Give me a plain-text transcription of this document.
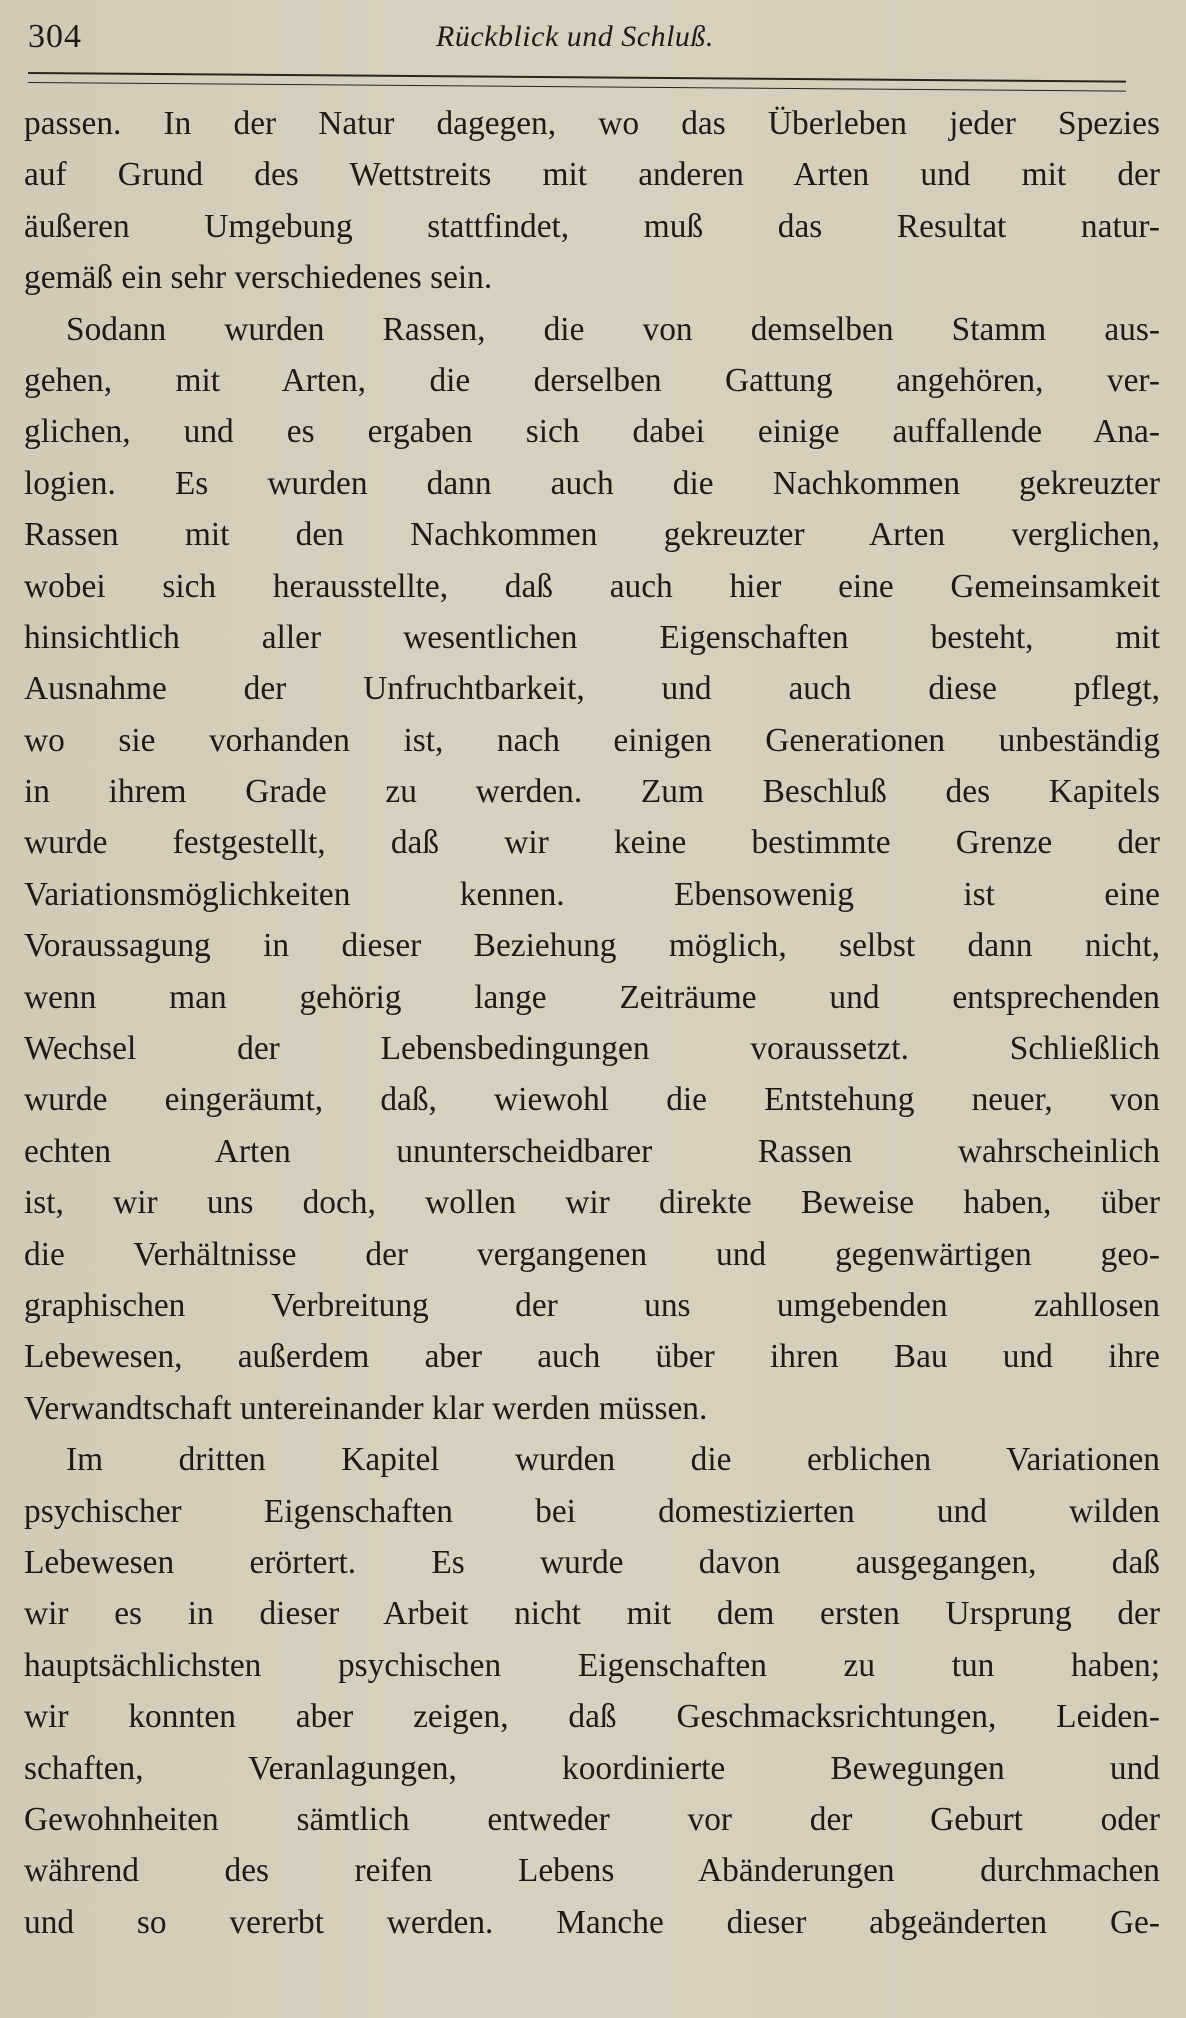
304	Rückblick und Schluß.
passen. In der Natur dagegen, wo das Überleben jeder Spezies
auf Grund des Wettstreits mit anderen Arten und mit der
äußeren Umgebung stattfindet, muß das Resultat natur-
gemäß ein sehr verschiedenes sein.
Sodann wurden Rassen, die von demselben Stamm aus-
gehen, mit Arten, die derselben Gattung angehören, ver-
glichen, und es ergaben sich dabei einige auffallende Ana-
logien. Es wurden dann auch die Nachkommen gekreuzter
Rassen mit den Nachkommen gekreuzter Arten verglichen,
wobei sich herausstellte, daß auch hier eine Gemeinsamkeit
hinsichtlich aller wesentlichen Eigenschaften besteht, mit
Ausnahme der Unfruchtbarkeit, und auch diese pflegt,
wo sie vorhanden ist, nach einigen Generationen unbeständig
in ihrem Grade zu werden. Zum Beschluß des Kapitels
wurde festgestellt, daß wir keine bestimmte Grenze der
Variationsmöglichkeiten kennen. Ebensowenig ist eine
Voraussagung in dieser Beziehung möglich, selbst dann nicht,
wenn man gehörig lange Zeiträume und entsprechenden
Wechsel der Lebensbedingungen voraussetzt. Schließlich
wurde eingeräumt, daß, wiewohl die Entstehung neuer, von
echten Arten ununterscheidbarer Rassen wahrscheinlich
ist, wir uns doch, wollen wir direkte Beweise haben, über
die Verhältnisse der vergangenen und gegenwärtigen geo-
graphischen Verbreitung der uns umgebenden zahllosen
Lebewesen, außerdem aber auch über ihren Bau und ihre
Verwandtschaft untereinander klar werden müssen.
Im dritten Kapitel wurden die erblichen Variationen
psychischer Eigenschaften bei domestizierten und wilden
Lebewesen erörtert. Es wurde davon ausgegangen, daß
wir es in dieser Arbeit nicht mit dem ersten Ursprung der
hauptsächlichsten psychischen Eigenschaften zu tun haben;
wir konnten aber zeigen, daß Geschmacksrichtungen, Leiden-
schaften, Veranlagungen, koordinierte Bewegungen und
Gewohnheiten sämtlich entweder vor der Geburt oder
während des reifen Lebens Abänderungen durchmachen
und so vererbt werden. Manche dieser abgeänderten Ge-
